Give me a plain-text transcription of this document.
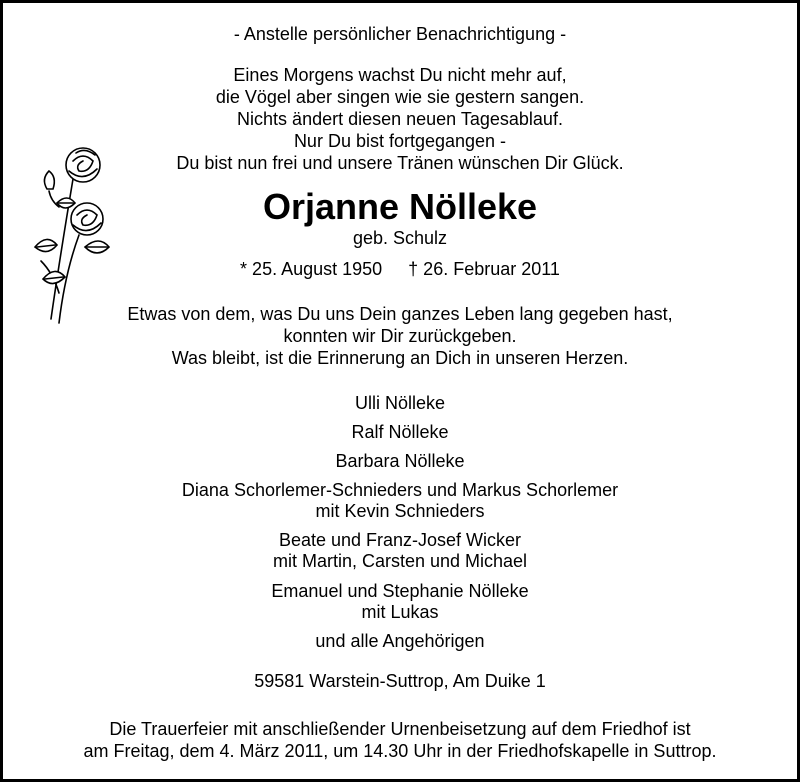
- Anstelle persönlicher Benachrichtigung -
Eines Morgens wachst Du nicht mehr auf,
die Vögel aber singen wie sie gestern sangen.
Nichts ändert diesen neuen Tagesablauf.
Nur Du bist fortgegangen -
Du bist nun frei und unsere Tränen wünschen Dir Glück.
Orjanne Nölleke
geb. Schulz
* 25. August 1950 † 26. Februar 2011
Etwas von dem, was Du uns Dein ganzes Leben lang gegeben hast,
konnten wir Dir zurückgeben.
Was bleibt, ist die Erinnerung an Dich in unseren Herzen.
Ulli Nölleke
Ralf Nölleke
Barbara Nölleke
Diana Schorlemer-Schnieders und Markus Schorlemer
mit Kevin Schnieders
Beate und Franz-Josef Wicker
mit Martin, Carsten und Michael
Emanuel und Stephanie Nölleke
mit Lukas
und alle Angehörigen
59581 Warstein-Suttrop, Am Duike 1
Die Trauerfeier mit anschließender Urnenbeisetzung auf dem Friedhof ist
am Freitag, dem 4. März 2011, um 14.30 Uhr in der Friedhofskapelle in Suttrop.
